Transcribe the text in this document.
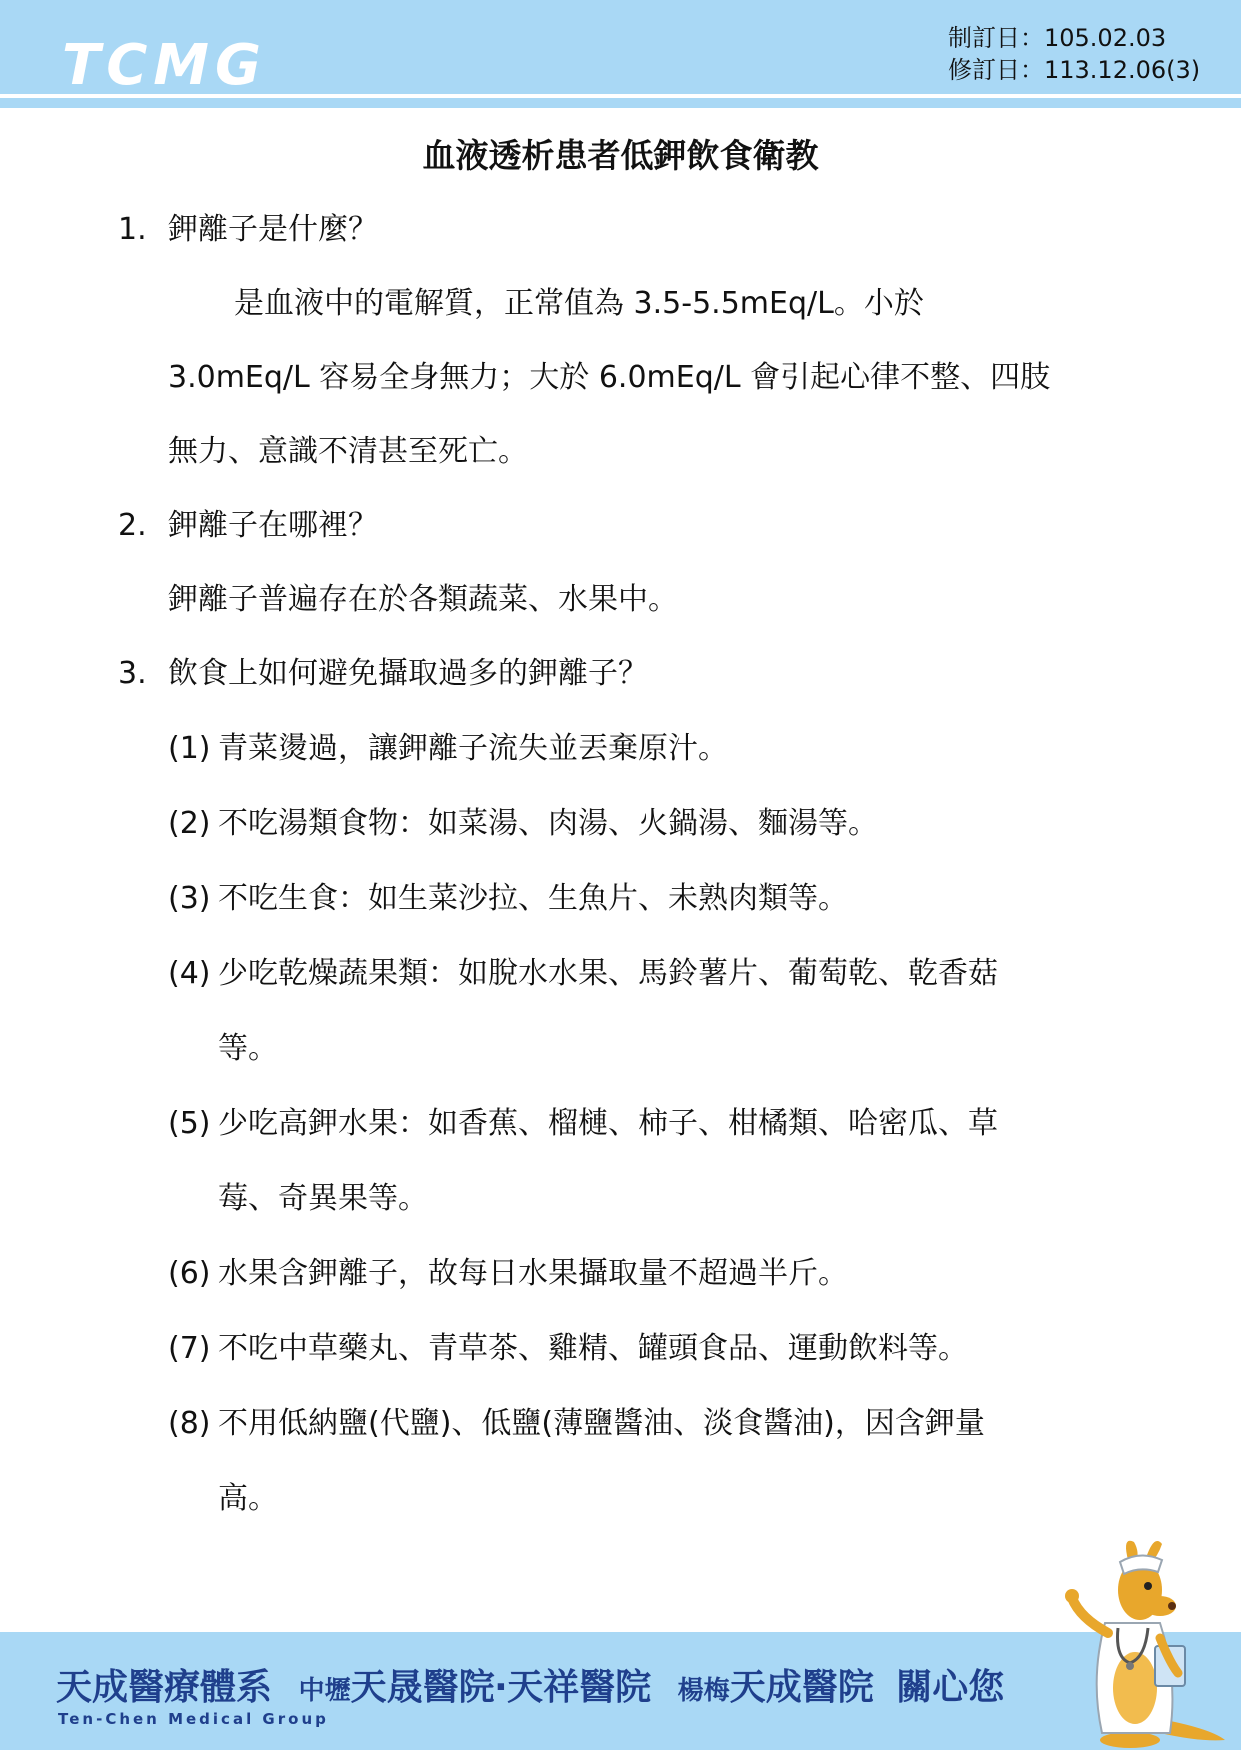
TCMG	制訂日：105.02.03
修訂日：113.12.06(3)
血液透析患者低鉀飲食衛教
1. 鉀離子是什麼？
是血液中的電解質，正常值為 3.5-5.5mEq/L。小於
3.0mEq/L 容易全身無力；大於 6.0mEq/L 會引起心律不整、四肢
無力、意識不清甚至死亡。
2. 鉀離子在哪裡？
鉀離子普遍存在於各類蔬菜、水果中。
3. 飲食上如何避免攝取過多的鉀離子？
(1) 青菜燙過，讓鉀離子流失並丟棄原汁。
(2) 不吃湯類食物：如菜湯、肉湯、火鍋湯、麵湯等。
(3) 不吃生食：如生菜沙拉、生魚片、未熟肉類等。
(4) 少吃乾燥蔬果類：如脫水水果、馬鈴薯片、葡萄乾、乾香菇
等。
(5) 少吃高鉀水果：如香蕉、榴槤、柿子、柑橘類、哈密瓜、草
莓、奇異果等。
(6) 水果含鉀離子，故每日水果攝取量不超過半斤。
(7) 不吃中草藥丸、青草茶、雞精、罐頭食品、運動飲料等。
(8) 不用低納鹽(代鹽)、低鹽(薄鹽醬油、淡食醬油)，因含鉀量
高。
天成醫療體系 中壢天晟醫院‧天祥醫院 楊梅天成醫院 關心您
Ten-Chen Medical Group
